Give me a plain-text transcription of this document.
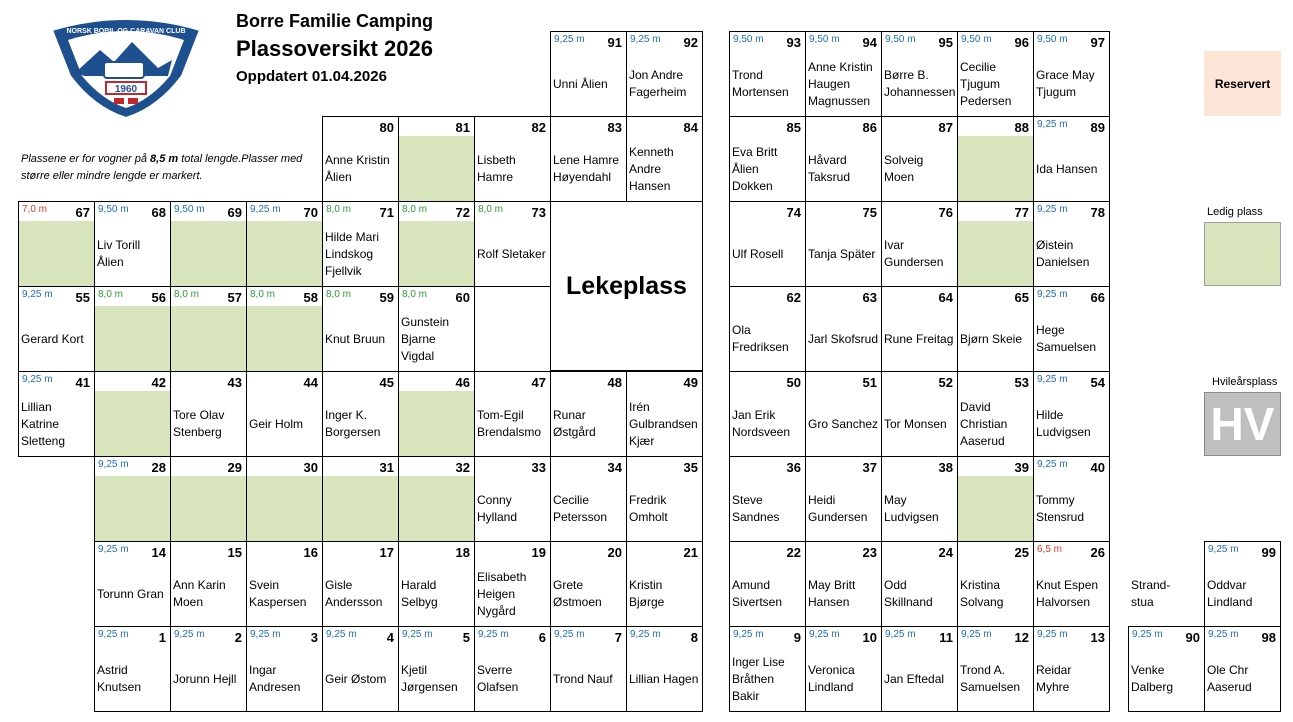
1960
NORSK BOBIL OG CARAVAN CLUB
Borre Familie Camping
Plassoversikt 2026
Oppdatert 01.04.2026
Plassene er for vogner på 8,5 m total lengde.Plasser med større eller mindre lengde er markert.
9,25 m 91
Unni Ålien
9,25 m 92
Jon Andre
Fagerheim
9,50 m 93
Trond
Mortensen
9,50 m 94
Anne Kristin
Haugen
Magnussen
9,50 m 95
Børre B.
Johannessen
9,50 m 96
Cecilie
Tjugum
Pedersen
9,50 m 97
Grace May
Tjugum
80
Anne Kristin
Ålien
81	82
Lisbeth Hamre
83
Lene Hamre
Høyendahl
84
Kenneth Andre
Hansen
85
Eva Britt Ålien
Dokken
86
Håvard
Taksrud
87
Solveig Moen
88 9,25 m 89
Ida Hansen
7,0 m 67 9,50 m 68
Liv Torill Ålien
9,50 m 69 9,25 m 70 8,0 m 71
Hilde Mari
Lindskog
Fjellvik
8,0 m 72 8,0 m 73
Rolf Sletaker
74
Ulf Rosell
75
Tanja Später
76
Ivar
Gundersen
77 9,25 m 78
Øistein
Danielsen
9,25 m 55
Gerard Kort
8,0 m 56 8,0 m 57 8,0 m 58 8,0 m 59
Knut Bruun
8,0 m 60
Gunstein
Bjarne Vigdal
62
Ola Fredriksen
63
Jarl Skofsrud
64
Rune Freitag
65
Bjørn Skeie
9,25 m 66
Hege
Samuelsen
9,25 m 41
Lillian Katrine
Sletteng
42	43
Tore Olav
Stenberg
44
Geir Holm
45
Inger K.
Borgersen
46	47
Tom-Egil
Brendalsmo
48
Runar Østgård
49
Irén
Gulbrandsen
Kjær
50
Jan Erik
Nordsveen
51
Gro Sanchez
52
Tor Monsen
53
David
Christian
Aaserud
9,25 m 54
Hilde
Ludvigsen
9,25 m 28	29	30	31	32	33
Conny Hylland
34
Cecilie
Petersson
35
Fredrik Omholt
36
Steve
Sandnes
37
Heidi
Gundersen
38
May
Ludvigsen
39 9,25 m 40
Tommy
Stensrud
9,25 m 14
Torunn Gran
15
Ann Karin
Moen
16
Svein
Kaspersen
17
Gisle
Andersson
18
Harald Selbyg
19
Elisabeth
Heigen
Nygård
20
Grete Østmoen
21
Kristin Bjørge
22
Amund
Sivertsen
23
May Britt
Hansen
24
Odd Skillnand
25
Kristina
Solvang
6,5 m 26
Knut Espen
Halvorsen
9,25 m 99
Oddvar
Lindland
9,25 m 1
Astrid Knutsen
9,25 m 2
Jorunn Hejll
9,25 m 3
Ingar
Andresen
9,25 m 4
Geir Østom
9,25 m 5
Kjetil
Jørgensen
9,25 m 6
Sverre Olafsen
9,25 m 7
Trond Nauf
9,25 m 8
Lillian Hagen
9,25 m 9
Inger Lise
Bråthen Bakir
9,25 m 10
Veronica
Lindland
9,25 m 11
Jan Eftedal
9,25 m 12
Trond A.
Samuelsen
9,25 m 13
Reidar Myhre
9,25 m 90
Venke Dalberg
9,25 m 98
Ole Chr
Aaserud
Lekeplass
Strand-
stua
Reservert
Ledig plass
Hvileårsplass
HV
